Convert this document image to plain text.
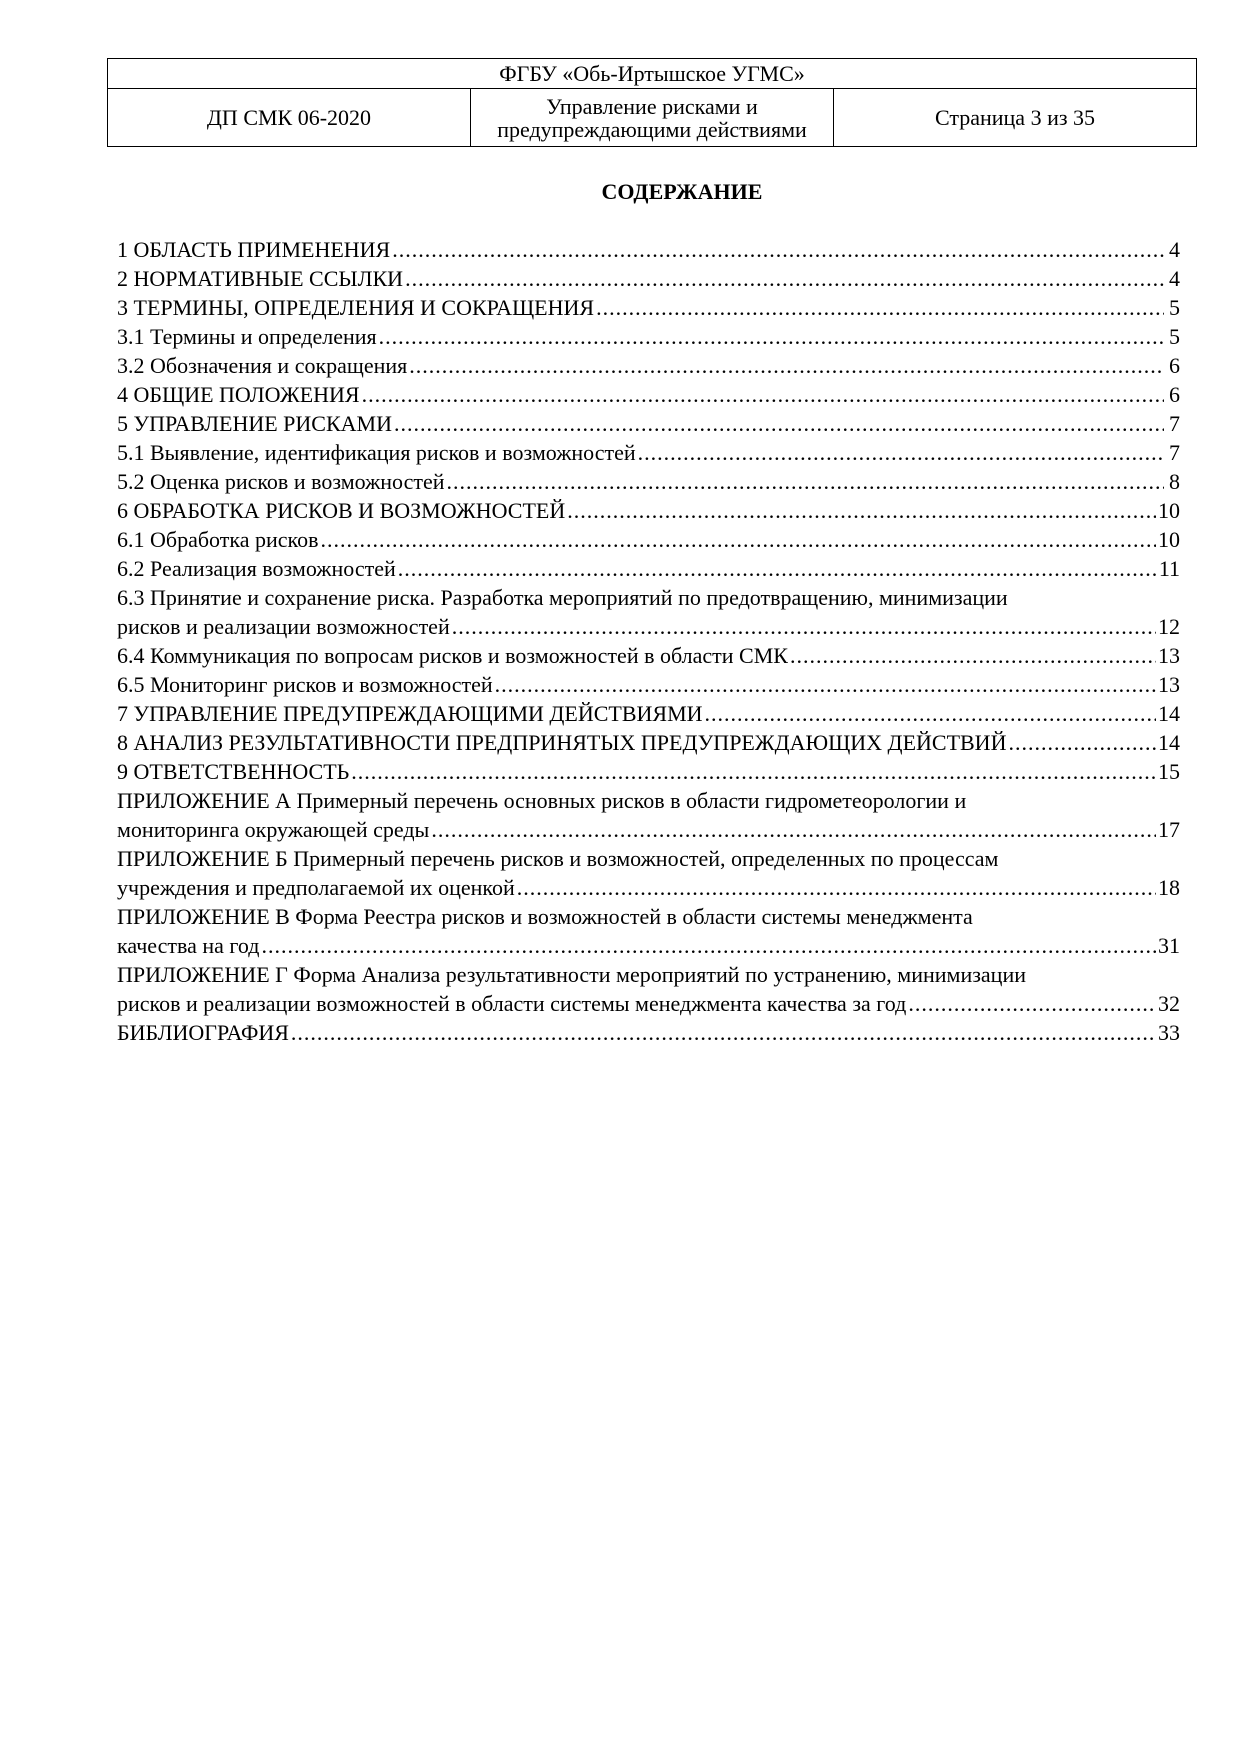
ФГБУ «Обь-Иртышское УГМС»
ДП СМК 06-2020	Управление рисками и предупреждающими действиями	Страница 3 из 35
СОДЕРЖАНИЕ
1 ОБЛАСТЬ ПРИМЕНЕНИЯ .....	4
2 НОРМАТИВНЫЕ ССЫЛКИ .....	4
3 ТЕРМИНЫ, ОПРЕДЕЛЕНИЯ И СОКРАЩЕНИЯ .....	5
3.1 Термины и определения .....	5
3.2 Обозначения и сокращения .....	6
4 ОБЩИЕ ПОЛОЖЕНИЯ .....	6
5 УПРАВЛЕНИЕ РИСКАМИ .....	7
5.1 Выявление, идентификация рисков и возможностей .....	7
5.2 Оценка рисков и возможностей .....	8
6 ОБРАБОТКА РИСКОВ И ВОЗМОЖНОСТЕЙ .....	10
6.1 Обработка рисков .....	10
6.2 Реализация возможностей .....	11
6.3 Принятие и сохранение риска. Разработка мероприятий по предотвращению, минимизации
рисков и реализации возможностей .....	12
6.4 Коммуникация по вопросам рисков и возможностей в области СМК .....	13
6.5 Мониторинг рисков и возможностей .....	13
7 УПРАВЛЕНИЕ ПРЕДУПРЕЖДАЮЩИМИ ДЕЙСТВИЯМИ .....	14
8 АНАЛИЗ РЕЗУЛЬТАТИВНОСТИ ПРЕДПРИНЯТЫХ ПРЕДУПРЕЖДАЮЩИХ ДЕЙСТВИЙ .....	14
9 ОТВЕТСТВЕННОСТЬ .....	15
ПРИЛОЖЕНИЕ А Примерный перечень основных рисков в области гидрометеорологии и
мониторинга окружающей среды .....	17
ПРИЛОЖЕНИЕ Б Примерный перечень рисков и возможностей, определенных по процессам
учреждения и предполагаемой их оценкой .....	18
ПРИЛОЖЕНИЕ В Форма Реестра рисков и возможностей в области системы менеджмента
качества на год .....	31
ПРИЛОЖЕНИЕ Г Форма Анализа результативности мероприятий по устранению, минимизации
рисков и реализации возможностей в области системы менеджмента качества за год .....	32
БИБЛИОГРАФИЯ .....	33
